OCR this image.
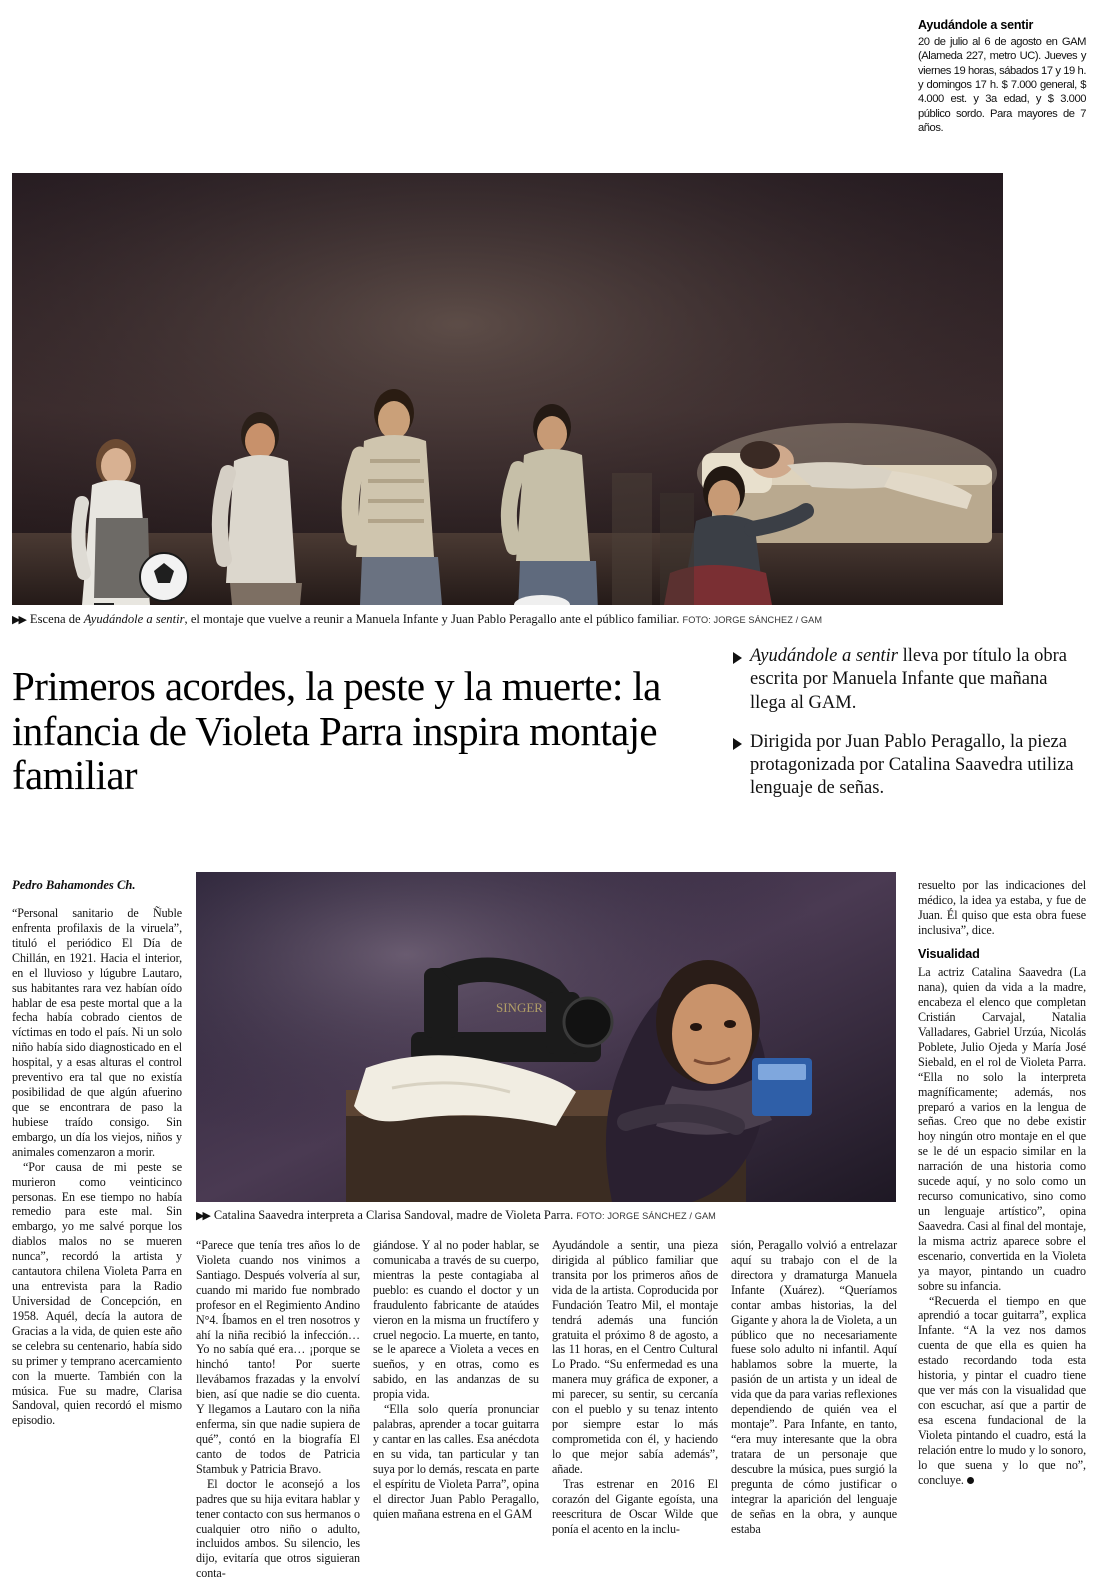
Ayudándole a sentir
20 de julio al 6 de agosto en GAM (Alameda 227, metro UC). Jueves y viernes 19 horas, sábados 17 y 19 h. y domingos 17 h. $ 7.000 general, $ 4.000 est. y 3a edad, y $ 3.000 público sordo. Para mayores de 7 años.
▶▶ Escena de Ayudándole a sentir, el montaje que vuelve a reunir a Manuela Infante y Juan Pablo Peragallo ante el público familiar. FOTO: JORGE SÁNCHEZ / GAM
Primeros acordes, la peste y la muerte: la infancia de Violeta Parra inspira montaje familiar
Ayudándole a sentir lleva por título la obra escrita por Manuela Infante que mañana llega al GAM.
Dirigida por Juan Pablo Peragallo, la pieza protagonizada por Catalina Saavedra utiliza lenguaje de señas.
Pedro Bahamondes Ch.

“Personal sanitario de Ñuble enfrenta profilaxis de la viruela”, tituló el periódico El Día de Chillán, en 1921. Hacia el interior, en el lluvioso y lúgubre Lautaro, sus habitantes rara vez habían oído hablar de esa peste mortal que a la fecha había cobrado cientos de víctimas en todo el país. Ni un solo niño había sido diagnosticado en el hospital, y a esas alturas el control preventivo era tal que no existía posibilidad de que algún afuerino que se encontrara de paso la hubiese traído consigo. Sin embargo, un día los viejos, niños y animales comenzaron a morir.

“Por causa de mi peste se murieron como veinticinco personas. En ese tiempo no había remedio para este mal. Sin embargo, yo me salvé porque los diablos malos no se mueren nunca”, recordó la artista y cantautora chilena Violeta Parra en una entrevista para la Radio Universidad de Concepción, en 1958. Aquél, decía la autora de Gracias a la vida, de quien este año se celebra su centenario, había sido su primer y temprano acercamiento con la muerte. También con la música. Fue su madre, Clarisa Sandoval, quien recordó el mismo episodio.

SINGER
▶▶ Catalina Saavedra interpreta a Clarisa Sandoval, madre de Violeta Parra. FOTO: JORGE SÁNCHEZ / GAM

“Parece que tenía tres años lo de Violeta cuando nos vinimos a Santiago. Después volvería al sur, cuando mi marido fue nombrado profesor en el Regimiento Andino N°4. Íbamos en el tren nosotros y ahí la niña recibió la infección… Yo no sabía qué era… ¡porque se hinchó tanto! Por suerte llevábamos frazadas y la envolví bien, así que nadie se dio cuenta. Y llegamos a Lautaro con la niña enferma, sin que nadie supiera de qué”, contó en la biografía El canto de todos de Patricia Stambuk y Patricia Bravo.

El doctor le aconsejó a los padres que su hija evitara hablar y tener contacto con sus hermanos o cualquier otro niño o adulto, incluidos ambos. Su silencio, les dijo, evitaría que otros siguieran conta-

giándose. Y al no poder hablar, se comunicaba a través de su cuerpo, mientras la peste contagiaba al pueblo: es cuando el doctor y un fraudulento fabricante de ataúdes vieron en la misma un fructífero y cruel negocio. La muerte, en tanto, se le aparece a Violeta a veces en sueños, y en otras, como es sabido, en las andanzas de su propia vida.

“Ella solo quería pronunciar palabras, aprender a tocar guitarra y cantar en las calles. Esa anécdota en su vida, tan particular y tan suya por lo demás, rescata en parte el espíritu de Violeta Parra”, opina el director Juan Pablo Peragallo, quien mañana estrena en el GAM

Ayudándole a sentir, una pieza dirigida al público familiar que transita por los primeros años de vida de la artista. Coproducida por Fundación Teatro Mil, el montaje tendrá además una función gratuita el próximo 8 de agosto, a las 11 horas, en el Centro Cultural Lo Prado. “Su enfermedad es una manera muy gráfica de exponer, a mi parecer, su sentir, su cercanía con el pueblo y su tenaz intento por siempre estar lo más comprometida con él, y haciendo lo que mejor sabía además”, añade.

Tras estrenar en 2016 El corazón del Gigante egoísta, una reescritura de Oscar Wilde que ponía el acento en la inclu-

sión, Peragallo volvió a entrelazar aquí su trabajo con el de la directora y dramaturga Manuela Infante (Xuárez). “Queríamos contar ambas historias, la del Gigante y ahora la de Violeta, a un público que no necesariamente fuese solo adulto ni infantil. Aquí hablamos sobre la muerte, la pasión de un artista y un ideal de vida que da para varias reflexiones dependiendo de quién vea el montaje”. Para Infante, en tanto, “era muy interesante que la obra tratara de un personaje que descubre la música, pues surgió la pregunta de cómo justificar o integrar la aparición del lenguaje de señas en la obra, y aunque estaba

resuelto por las indicaciones del médico, la idea ya estaba, y fue de Juan. Él quiso que esta obra fuese inclusiva”, dice.

Visualidad

La actriz Catalina Saavedra (La nana), quien da vida a la madre, encabeza el elenco que completan Cristián Carvajal, Natalia Valladares, Gabriel Urzúa, Nicolás Poblete, Julio Ojeda y María José Siebald, en el rol de Violeta Parra. “Ella no solo la interpreta magníficamente; además, nos preparó a varios en la lengua de señas. Creo que no debe existir hoy ningún otro montaje en el que se le dé un espacio similar en la narración de una historia como sucede aquí, y no solo como un recurso comunicativo, sino como un lenguaje artístico”, opina Saavedra. Casi al final del montaje, la misma actriz aparece sobre el escenario, convertida en la Violeta ya mayor, pintando un cuadro sobre su infancia.

“Recuerda el tiempo en que aprendió a tocar guitarra”, explica Infante. “A la vez nos damos cuenta de que ella es quien ha estado recordando toda esta historia, y pintar el cuadro tiene que ver más con la visualidad que con escuchar, así que a partir de esa escena fundacional de la Violeta pintando el cuadro, está la relación entre lo mudo y lo sonoro, lo que suena y lo que no”, concluye.
